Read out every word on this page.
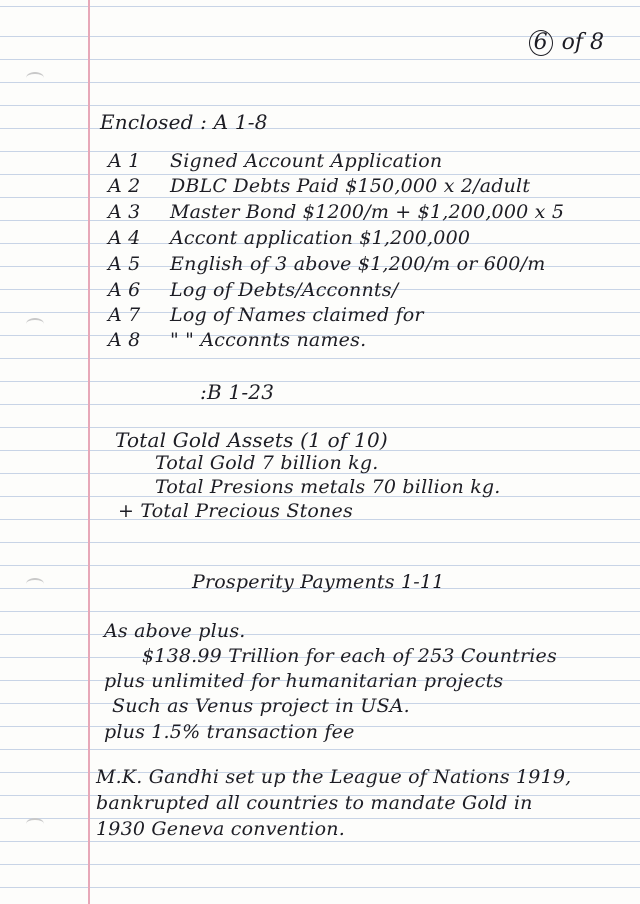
6 of 8
Enclosed : A 1-8
A 1 Signed Account Application
A 2 DBLC Debts Paid $150,000 x 2/adult
A 3 Master Bond $1200/m + $1,200,000 x 5
A 4 Accont application $1,200,000
A 5 English of 3 above $1,200/m or 600/m
A 6 Log of Debts/Acconnts/
A 7 Log of Names claimed for
A 8 " " Acconnts names.
:B 1-23
Total Gold Assets (1 of 10)
Total Gold 7 billion kg.
Total Presions metals 70 billion kg.
+ Total Precious Stones
Prosperity Payments 1-11
As above plus.
$138.99 Trillion for each of 253 Countries
plus unlimited for humanitarian projects
Such as Venus project in USA.
plus 1.5% transaction fee
M.K. Gandhi set up the League of Nations 1919,
bankrupted all countries to mandate Gold in
1930 Geneva convention.
